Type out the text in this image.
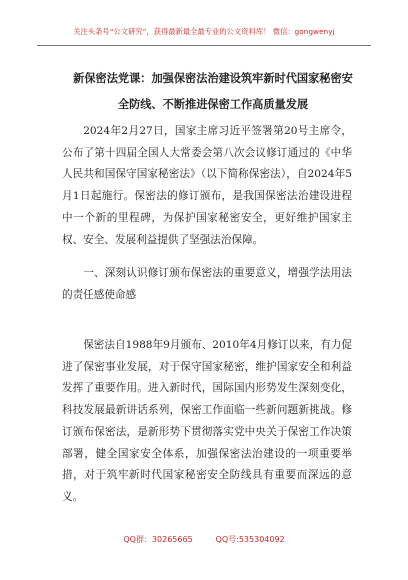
关注头条号“公文研究”，获得最新最全最专业的公文资料库！ 微信：gongwenyj
新保密法党课：加强保密法治建设筑牢新时代国家秘密安全防线、不断推进保密工作高质量发展

2024年2月27日，国家主席习近平签署第20号主席令，公布了第十四届全国人大常委会第八次会议修订通过的《中华人民共和国保守国家秘密法》（以下简称保密法），自2024年5月1日起施行。保密法的修订颁布，是我国保密法治建设进程中一个新的里程碑，为保护国家秘密安全，更好维护国家主权、安全、发展利益提供了坚强法治保障。

一、深刻认识修订颁布保密法的重要意义，增强学法用法的责任感使命感

保密法自1988年9月颁布、2010年4月修订以来，有力促进了保密事业发展，对于保守国家秘密，维护国家安全和利益发挥了重要作用。进入新时代，国际国内形势发生深刻变化，科技发展最新讲话系列，保密工作面临一些新问题新挑战。修订颁布保密法，是新形势下贯彻落实党中央关于保密工作决策部署，健全国家安全体系，加强保密法治建设的一项重要举措，对于筑牢新时代国家秘密安全防线具有重要而深远的意义。

QQ群：30265665	QQ号:535304092
